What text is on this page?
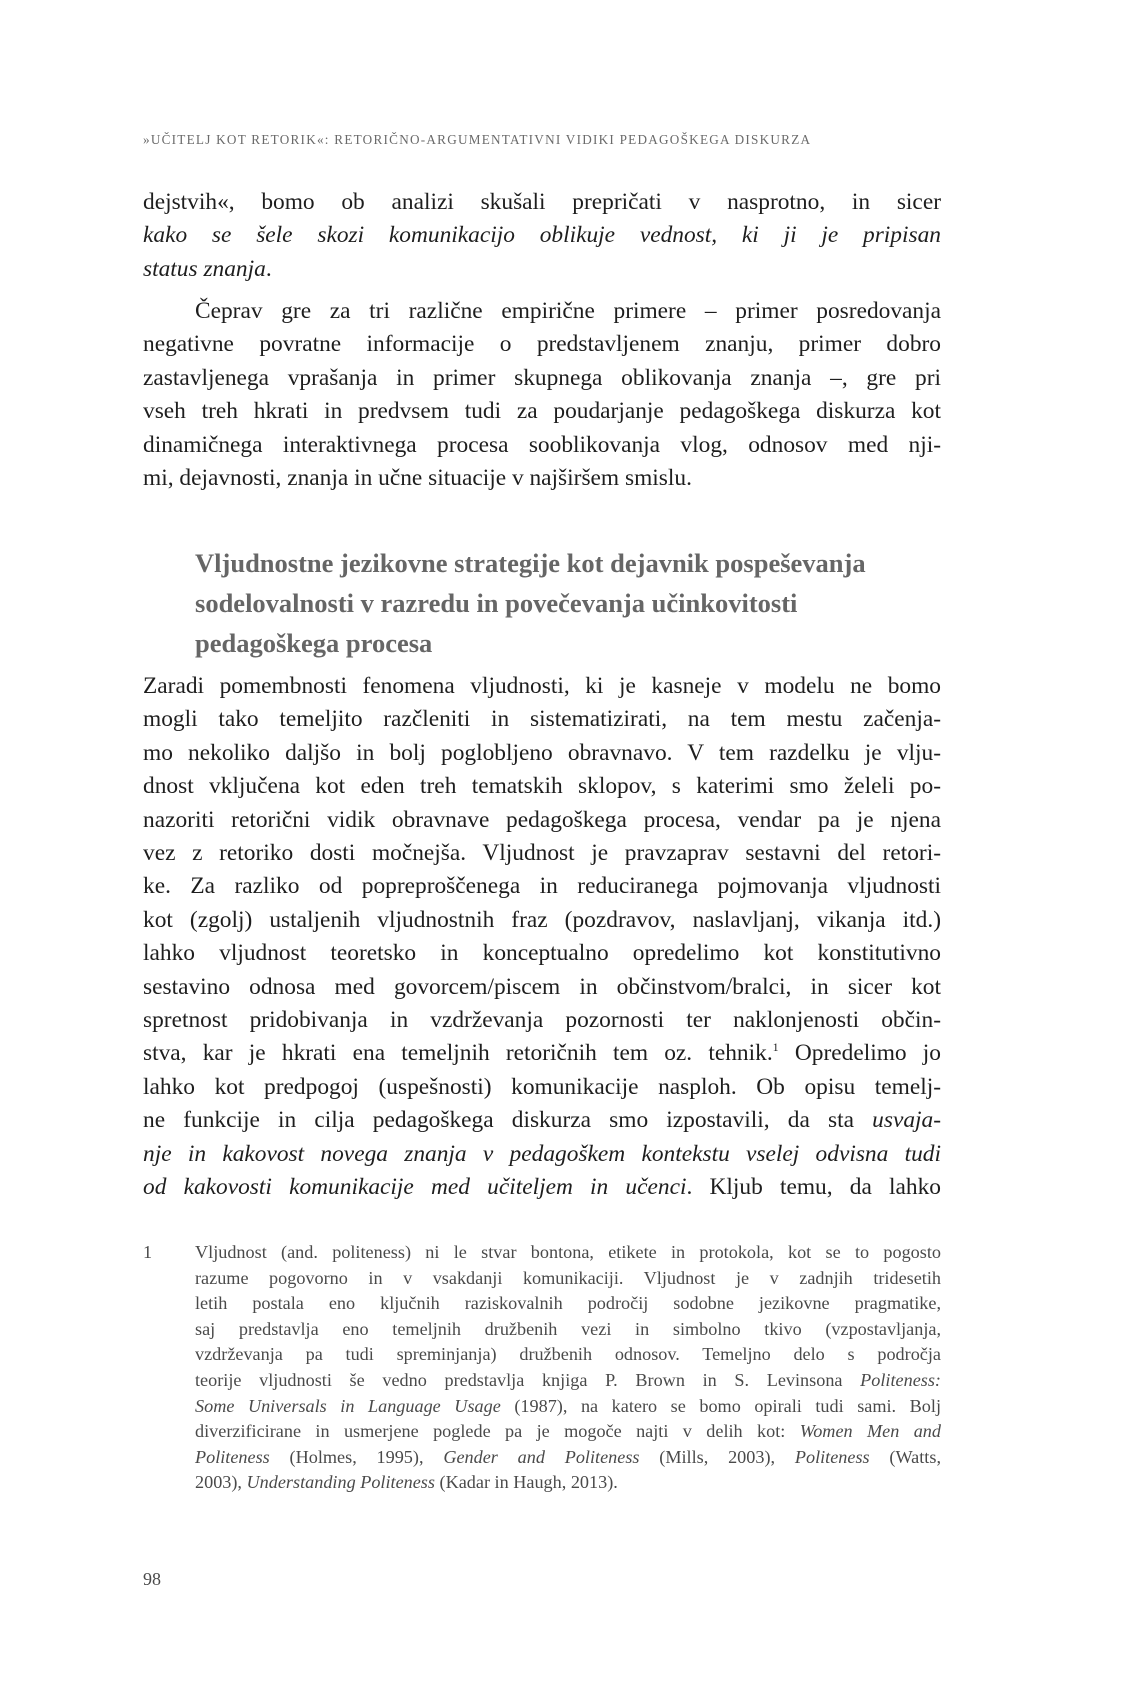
»UČITELJ KOT RETORIK«: RETORIČNO-ARGUMENTATIVNI VIDIKI PEDAGOŠKEGA DISKURZA
dejstvih«, bomo ob analizi skušali prepričati v nasprotno, in sicer
kako se šele skozi komunikacijo oblikuje vednost, ki ji je pripisan
status znanja.
Čeprav gre za tri različne empirične primere – primer posredovanja
negativne povratne informacije o predstavljenem znanju, primer dobro
zastavljenega vprašanja in primer skupnega oblikovanja znanja –, gre pri
vseh treh hkrati in predvsem tudi za poudarjanje pedagoškega diskurza kot
dinamičnega interaktivnega procesa sooblikovanja vlog, odnosov med nji-
mi, dejavnosti, znanja in učne situacije v najširšem smislu.
Vljudnostne jezikovne strategije kot dejavnik pospeševanja
sodelovalnosti v razredu in povečevanja učinkovitosti
pedagoškega procesa
Zaradi pomembnosti fenomena vljudnosti, ki je kasneje v modelu ne bomo
mogli tako temeljito razčleniti in sistematizirati, na tem mestu začenja-
mo nekoliko daljšo in bolj poglobljeno obravnavo. V tem razdelku je vlju-
dnost vključena kot eden treh tematskih sklopov, s katerimi smo želeli po-
nazoriti retorični vidik obravnave pedagoškega procesa, vendar pa je njena
vez z retoriko dosti močnejša. Vljudnost je pravzaprav sestavni del retori-
ke. Za razliko od popreproščenega in reduciranega pojmovanja vljudnosti
kot (zgolj) ustaljenih vljudnostnih fraz (pozdravov, naslavljanj, vikanja itd.)
lahko vljudnost teoretsko in konceptualno opredelimo kot konstitutivno
sestavino odnosa med govorcem/piscem in občinstvom/bralci, in sicer kot
spretnost pridobivanja in vzdrževanja pozornosti ter naklonjenosti občin-
stva, kar je hkrati ena temeljnih retoričnih tem oz. tehnik.$^1$ Opredelimo jo
lahko kot predpogoj (uspešnosti) komunikacije nasploh. Ob opisu temelj-
ne funkcije in cilja pedagoškega diskurza smo izpostavili, da sta usvaja-
nje in kakovost novega znanja v pedagoškem kontekstu vselej odvisna tudi
od kakovosti komunikacije med učiteljem in učenci. Kljub temu, da lahko
1 Vljudnost (and. politeness) ni le stvar bontona, etikete in protokola, kot se to pogosto
razume pogovorno in v vsakdanji komunikaciji. Vljudnost je v zadnjih tridesetih
letih postala eno ključnih raziskovalnih področij sodobne jezikovne pragmatike,
saj predstavlja eno temeljnih družbenih vezi in simbolno tkivo (vzpostavljanja,
vzdrževanja pa tudi spreminjanja) družbenih odnosov. Temeljno delo s področja
teorije vljudnosti še vedno predstavlja knjiga P. Brown in S. Levinsona Politeness:
Some Universals in Language Usage (1987), na katero se bomo opirali tudi sami. Bolj
diverzificirane in usmerjene poglede pa je mogoče najti v delih kot: Women Men and
Politeness (Holmes, 1995), Gender and Politeness (Mills, 2003), Politeness (Watts,
2003), Understanding Politeness (Kadar in Haugh, 2013).
98
